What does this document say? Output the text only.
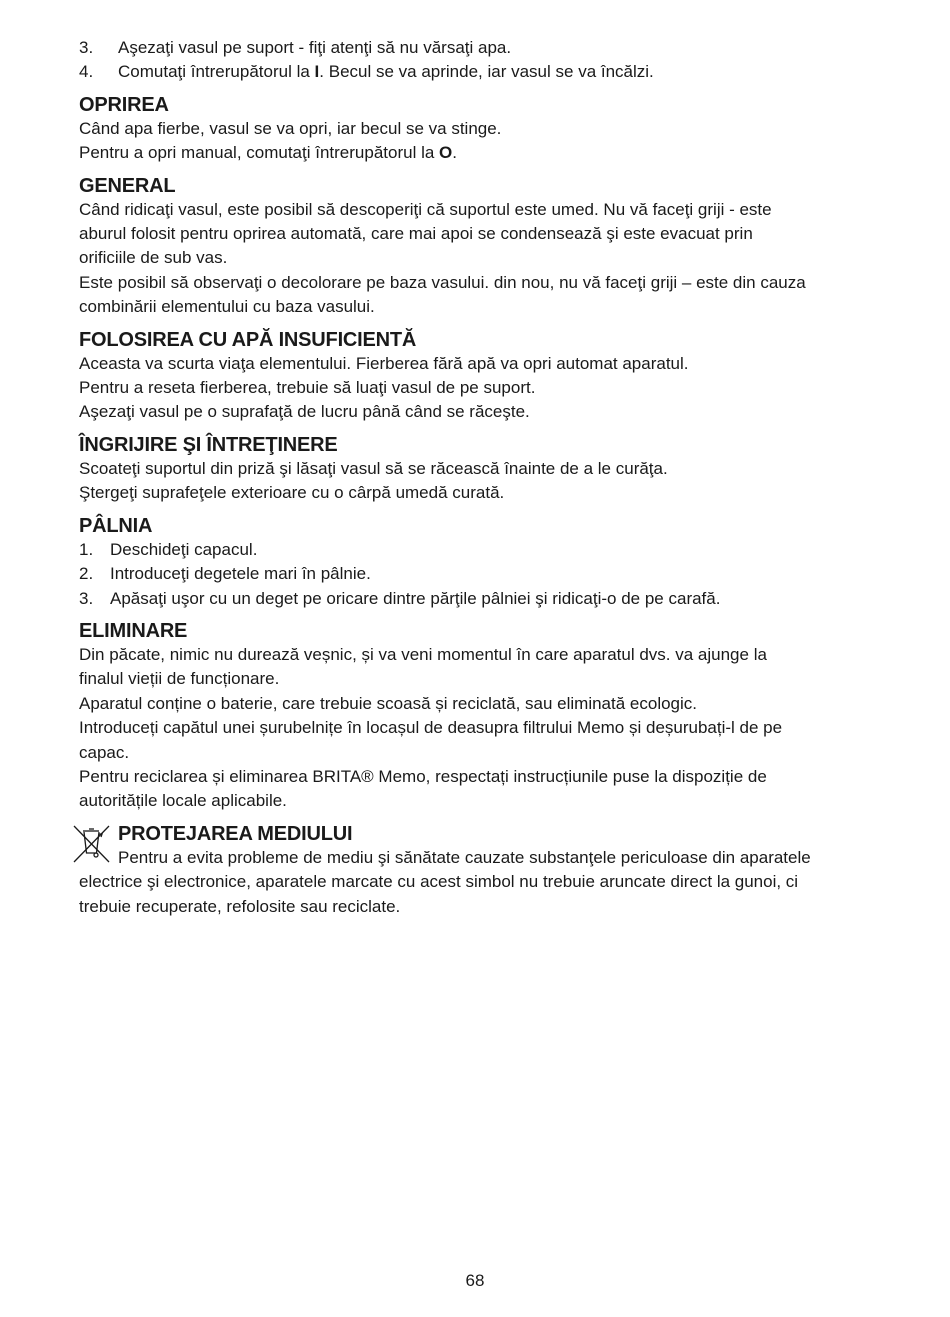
3.	Aşezaţi vasul pe suport - fiţi atenţi să nu vărsaţi apa.
4.	Comutaţi întrerupătorul la I. Becul se va aprinde, iar vasul se va încălzi.
OPRIREA

Când apa fierbe, vasul se va opri, iar becul se va stinge.

Pentru a opri manual, comutaţi întrerupătorul la O.

GENERAL

Când ridicaţi vasul, este posibil să descoperiţi că suportul este umed. Nu vă faceţi griji - este

aburul folosit pentru oprirea automată, care mai apoi se condensează şi este evacuat prin

orificiile de sub vas.

Este posibil să observaţi o decolorare pe baza vasului. din nou, nu vă faceţi griji – este din cauza

combinării elementului cu baza vasului.

FOLOSIREA CU APĂ INSUFICIENTĂ

Aceasta va scurta viaţa elementului. Fierberea fără apă va opri automat aparatul.

Pentru a reseta fierberea, trebuie să luaţi vasul de pe suport.

Aşezaţi vasul pe o suprafaţă de lucru până când se răceşte.

ÎNGRIJIRE ŞI ÎNTREŢINERE

Scoateţi suportul din priză şi lăsaţi vasul să se răcească înainte de a le curăţa.

Ştergeţi suprafeţele exterioare cu o cârpă umedă curată.

PÂLNIA
1. Deschideţi capacul.
2. Introduceţi degetele mari în pâlnie.
3. Apăsaţi uşor cu un deget pe oricare dintre părţile pâlniei şi ridicaţi-o de pe carafă.
ELIMINARE

Din păcate, nimic nu durează veșnic, și va veni momentul în care aparatul dvs. va ajunge la

finalul vieții de funcționare.

Aparatul conține o baterie, care trebuie scoasă și reciclată, sau eliminată ecologic.

Introduceți capătul unei șurubelnițe în locașul de deasupra filtrului Memo și deșurubați-l de pe

capac.

Pentru reciclarea și eliminarea BRITA® Memo, respectați instrucțiunile puse la dispoziție de

autoritățile locale aplicabile.

PROTEJAREA MEDIULUI

Pentru a evita probleme de mediu şi sănătate cauzate substanţele periculoase din aparatele

electrice şi electronice, aparatele marcate cu acest simbol nu trebuie aruncate direct la gunoi, ci

trebuie recuperate, refolosite sau reciclate.

68
